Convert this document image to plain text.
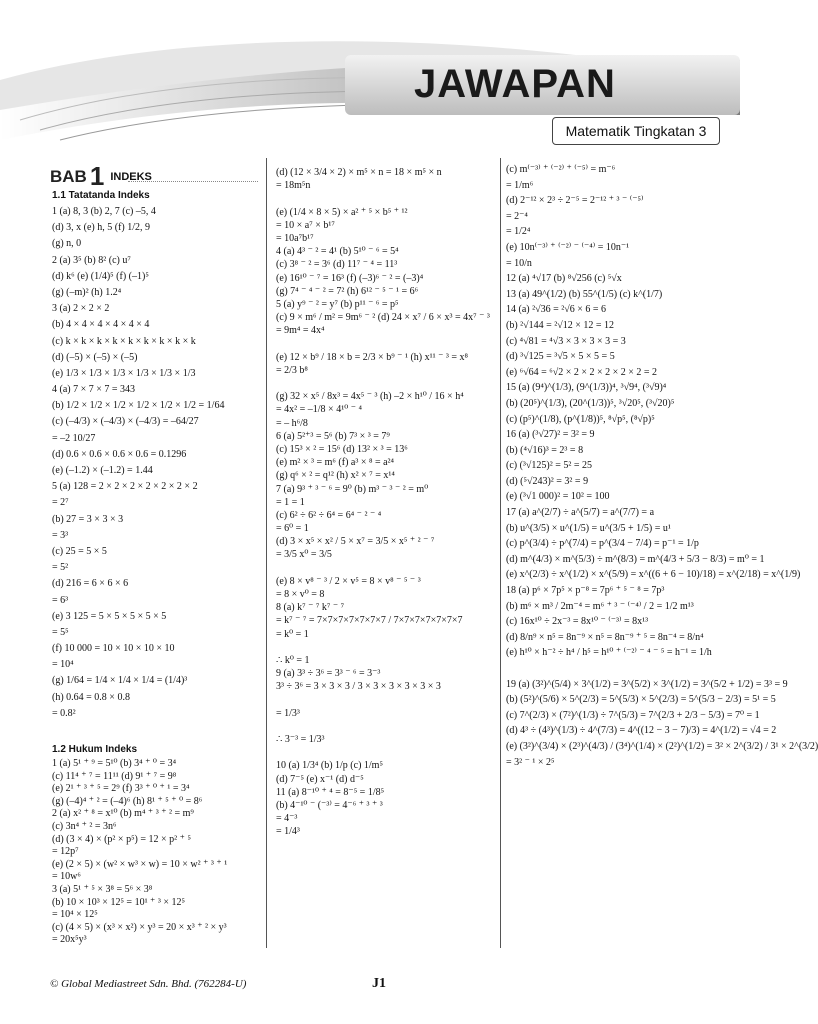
JAWAPAN
Matematik Tingkatan 3
BAB 1 INDEKS
1.1 Tatatanda Indeks
1 (a) 8, 3 (b) 2, 7 (c) –5, 4
(d) 3, x (e) h, 5 (f) 1/2, 9
(g) n, 0
2 (a) 3⁵ (b) 8² (c) u⁷
(d) k⁶ (e) (1/4)⁵ (f) (–1)⁵
(g) (–m)² (h) 1.2⁴
3 (a) 2 × 2 × 2
(b) 4 × 4 × 4 × 4 × 4 × 4
(c) k × k × k × k × k × k × k × k × k
(d) (–5) × (–5) × (–5)
(e) 1/3 × 1/3 × 1/3 × 1/3 × 1/3 × 1/3
4 (a) 7 × 7 × 7 = 343
(b) 1/2 × 1/2 × 1/2 × 1/2 × 1/2 × 1/2 = 1/64
(c) (–4/3) × (–4/3) × (–4/3) = –64/27
= –2 10/27
(d) 0.6 × 0.6 × 0.6 × 0.6 = 0.1296
(e) (–1.2) × (–1.2) = 1.44
5 (a) 128 = 2 × 2 × 2 × 2 × 2 × 2 × 2
= 2⁷
(b) 27 = 3 × 3 × 3
= 3³
(c) 25 = 5 × 5
= 5²
(d) 216 = 6 × 6 × 6
= 6³
(e) 3 125 = 5 × 5 × 5 × 5 × 5
= 5⁵
(f) 10 000 = 10 × 10 × 10 × 10
= 10⁴
(g) 1/64 = 1/4 × 1/4 × 1/4 = (1/4)³
(h) 0.64 = 0.8 × 0.8
= 0.8²
1.2 Hukum Indeks
1 (a) 5¹ ⁺ ⁹ = 5¹⁰ (b) 3⁴ ⁺ ⁰ = 3⁴
(c) 11⁴ ⁺ ⁷ = 11¹¹ (d) 9¹ ⁺ ⁷ = 9⁸
(e) 2¹ ⁺ ³ ⁺ ⁵ = 2⁹ (f) 3³ ⁺ ⁰ ⁺ ¹ = 3⁴
(g) (–4)⁴ ⁺ ² = (–4)⁶ (h) 8¹ ⁺ ⁵ ⁺ ⁰ = 8⁶
2 (a) x² ⁺ ⁸ = x¹⁰ (b) m⁴ ⁺ ³ ⁺ ² = m⁹
(c) 3n⁴ ⁺ ² = 3n⁶
(d) (3 × 4) × (p² × p⁵) = 12 × p² ⁺ ⁵
= 12p⁷
(e) (2 × 5) × (w² × w³ × w) = 10 × w² ⁺ ³ ⁺ ¹
= 10w⁶
3 (a) 5¹ ⁺ ⁵ × 3⁸ = 5⁶ × 3⁸
(b) 10 × 10³ × 12⁵ = 10¹ ⁺ ³ × 12⁵
= 10⁴ × 12⁵
(c) (4 × 5) × (x³ × x²) × y³ = 20 × x³ ⁺ ² × y³
= 20x⁵y³
(d) (12 × 3/4 × 2) × m⁵ × n = 18 × m⁵ × n
= 18m⁵n
(e) (1/4 × 8 × 5) × a² ⁺ ⁵ × b⁵ ⁺ ¹²
= 10 × a⁷ × b¹⁷
= 10a⁷b¹⁷
4 (a) 4³ ⁻ ² = 4¹ (b) 5¹⁰ ⁻ ⁶ = 5⁴
(c) 3⁸ ⁻ ² = 3⁶ (d) 11⁷ ⁻ ⁴ = 11³
(e) 16¹⁰ ⁻ ⁷ = 16³ (f) (–3)⁶ ⁻ ² = (–3)⁴
(g) 7⁴ ⁻ ⁴ ⁻ ² = 7² (h) 6¹² ⁻ ⁵ ⁻ ¹ = 6⁶
5 (a) y⁹ ⁻ ² = y⁷ (b) p¹¹ ⁻ ⁶ = p⁵
(c) 9 × m⁶ / m² = 9m⁶ ⁻ ² (d) 24 × x⁷ / 6 × x³ = 4x⁷ ⁻ ³
= 9m⁴ = 4x⁴
(e) 12 × b⁹ / 18 × b = 2/3 × b⁹ ⁻ ¹ (h) x¹¹ ⁻ ³ = x⁸
= 2/3 b⁸
(g) 32 × x⁵ / 8x³ = 4x⁵ ⁻ ³ (h) –2 × h¹⁰ / 16 × h⁴
= 4x² = –1/8 × 4¹⁰ ⁻ ⁴
= – h⁶/8
6 (a) 5²⁺³ = 5⁶ (b) 7³ × ³ = 7⁹
(c) 15³ × ² = 15⁶ (d) 13² × ³ = 13⁶
(e) m² × ³ = m⁶ (f) a³ × ⁸ = a²⁴
(g) q⁶ × ² = q¹² (h) x² × ⁷ = x¹⁴
7 (a) 9³ ⁺ ³ ⁻ ⁶ = 9⁰ (b) m³ ⁻ ³ ⁻ ² = m⁰
= 1 = 1
(c) 6² ÷ 6² ÷ 6⁴ = 6⁴ ⁻ ² ⁻ ⁴
= 6⁰ = 1
(d) 3 × x⁵ × x² / 5 × x⁷ = 3/5 × x⁵ ⁺ ² ⁻ ⁷
= 3/5 x⁰ = 3/5
(e) 8 × v⁸ ⁻ ³ / 2 × v⁵ = 8 × v⁸ ⁻ ⁵ ⁻ ³
= 8 × v⁰ = 8
8 (a) k⁷ ⁻ ⁷ k⁷ ⁻ ⁷
= k⁷ ⁻ ⁷ = 7×7×7×7×7×7×7 / 7×7×7×7×7×7×7
= k⁰ = 1
∴ k⁰ = 1
9 (a) 3³ ÷ 3⁶ = 3³ ⁻ ⁶ = 3⁻³
3³ ÷ 3⁶ = 3 × 3 × 3 / 3 × 3 × 3 × 3 × 3 × 3
= 1/3³
∴ 3⁻³ = 1/3³
10 (a) 1/3⁴ (b) 1/p (c) 1/m⁵
(d) 7⁻⁵ (e) x⁻¹ (d) d⁻⁵
11 (a) 8⁻¹⁰ ⁺ ⁴ = 8⁻⁵ = 1/8⁵
(b) 4⁻¹⁰ ⁻ (⁻³⁾ = 4⁻⁶ ⁺ ³ ⁺ ³
= 4⁻³
= 1/4³
(c) m⁽⁻³⁾ ⁺ ⁽⁻²⁾ ⁺ ⁽⁻⁵⁾ = m⁻⁶
= 1/m⁶
(d) 2⁻¹² × 2³ ÷ 2⁻⁵ = 2⁻¹² ⁺ ³ ⁻ ⁽⁻⁵⁾
= 2⁻⁴
= 1/2⁴
(e) 10n⁽⁻³⁾ ⁺ ⁽⁻²⁾ ⁻ ⁽⁻⁴⁾ = 10n⁻¹
= 10/n
12 (a) ⁴√17 (b) ⁸√256 (c) ⁵√x
13 (a) 49^(1/2) (b) 55^(1/5) (c) k^(1/7)
14 (a) ²√36 = ²√6 × 6 = 6
(b) ²√144 = ²√12 × 12 = 12
(c) ⁴√81 = ⁴√3 × 3 × 3 × 3 = 3
(d) ³√125 = ³√5 × 5 × 5 = 5
(e) ⁶√64 = ⁶√2 × 2 × 2 × 2 × 2 × 2 = 2
15 (a) (9⁴)^(1/3), (9^(1/3))⁴, ³√9⁴, (³√9)⁴
(b) (20⁵)^(1/3), (20^(1/3))⁵, ³√20⁵, (³√20)⁵
(c) (p⁵)^(1/8), (p^(1/8))⁵, ⁸√p⁵, (⁸√p)⁵
16 (a) (³√27)² = 3² = 9
(b) (⁴√16)³ = 2³ = 8
(c) (³√125)² = 5² = 25
(d) (⁵√243)² = 3² = 9
(e) (³√1 000)² = 10² = 100
17 (a) a^(2/7) ÷ a^(5/7) = a^(7/7) = a
(b) u^(3/5) × u^(1/5) = u^(3/5 + 1/5) = u¹
(c) p^(3/4) ÷ p^(7/4) = p^(3/4 − 7/4) = p⁻¹ = 1/p
(d) m^(4/3) × m^(5/3) ÷ m^(8/3) = m^(4/3 + 5/3 − 8/3) = m⁰ = 1
(e) x^(2/3) ÷ x^(1/2) × x^(5/9) = x^((6 + 6 − 10)/18) = x^(2/18) = x^(1/9)
18 (a) p⁶ × 7p⁵ × p⁻⁸ = 7p⁶ ⁺ ⁵ ⁻ ⁸ = 7p³
(b) m⁶ × m³ / 2m⁻⁴ = m⁶ ⁺ ³ ⁻ ⁽⁻⁴⁾ / 2 = 1/2 m¹³
(c) 16x¹⁰ ÷ 2x⁻³ = 8x¹⁰ ⁻ ⁽⁻³⁾ = 8x¹³
(d) 8/n⁹ × n⁵ = 8n⁻⁹ × n⁵ = 8n⁻⁹ ⁺ ⁵ = 8n⁻⁴ = 8/n⁴
(e) h¹⁰ × h⁻² ÷ h⁴ / h⁵ = h¹⁰ ⁺ ⁽⁻²⁾ ⁻ ⁴ ⁻ ⁵ = h⁻¹ = 1/h
19 (a) (3²)^(5/4) × 3^(1/2) = 3^(5/2) × 3^(1/2) = 3^(5/2 + 1/2) = 3³ = 9
(b) (5²)^(5/6) × 5^(2/3) = 5^(5/3) × 5^(2/3) = 5^(5/3 − 2/3) = 5¹ = 5
(c) 7^(2/3) × (7²)^(1/3) ÷ 7^(5/3) = 7^(2/3 + 2/3 − 5/3) = 7⁰ = 1
(d) 4³ ÷ (4³)^(1/3) ÷ 4^(7/3) = 4^((12 − 3 − 7)/3) = 4^(1/2) = √4 = 2
(e) (3²)^(3/4) × (2³)^(4/3) / (3⁴)^(1/4) × (2²)^(1/2) = 3² × 2^(3/2) / 3¹ × 2^(3/2)
= 3² ⁻ ¹ × 2⁵
© Global Mediastreet Sdn. Bhd. (762284-U)	J1
